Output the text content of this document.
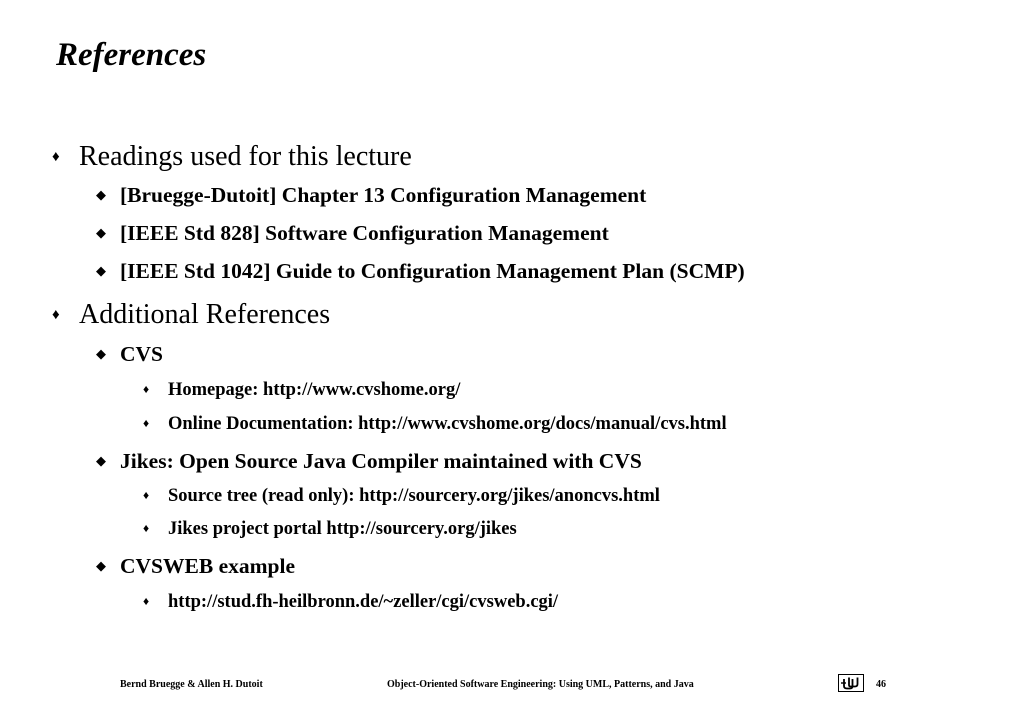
References
♦ Readings used for this lecture
◆ [Bruegge-Dutoit] Chapter 13 Configuration Management
◆ [IEEE Std 828] Software Configuration Management
◆ [IEEE Std 1042] Guide to Configuration Management Plan (SCMP)
♦ Additional References
◆ CVS
♦ Homepage: http://www.cvshome.org/
♦ Online Documentation: http://www.cvshome.org/docs/manual/cvs.html
◆ Jikes: Open Source Java Compiler maintained with CVS
♦ Source tree (read only): http://sourcery.org/jikes/anoncvs.html
♦ Jikes project portal http://sourcery.org/jikes
◆ CVSWEB example
♦ http://stud.fh-heilbronn.de/~zeller/cgi/cvsweb.cgi/
Bernd Bruegge & Allen H. Dutoit	Object-Oriented Software Engineering: Using UML, Patterns, and Java	46
